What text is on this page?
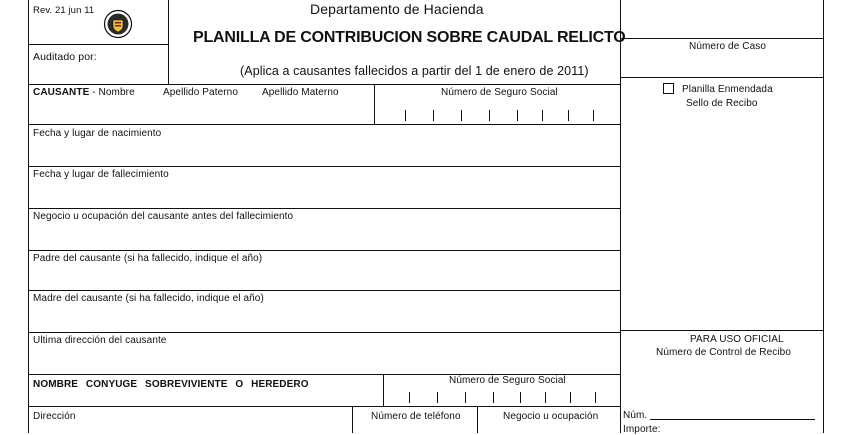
Rev. 21 jun 11
Auditado por:
Departamento de Hacienda
PLANILLA DE CONTRIBUCION SOBRE CAUDAL RELICTO
(Aplica a causantes fallecidos a partir del 1 de enero de 2011)
Número de Caso
Planilla Enmendada
Sello de Recibo
PARA USO OFICIAL
Número de Control de Recibo
Núm.
Importe:
CAUSANTE - Nombre	Apellido Paterno Apellido Materno	Número de Seguro Social
Fecha y lugar de nacimiento
Fecha y lugar de fallecimiento
Negocio u ocupación del causante antes del fallecimiento
Padre del causante (si ha fallecido, indique el año)
Madre del causante (si ha fallecido, indique el año)
Ultima dirección del causante
NOMBRE CONYUGE SOBREVIVIENTE O HEREDERO	Número de Seguro Social
Dirección	Número de teléfono	Negocio u ocupación
